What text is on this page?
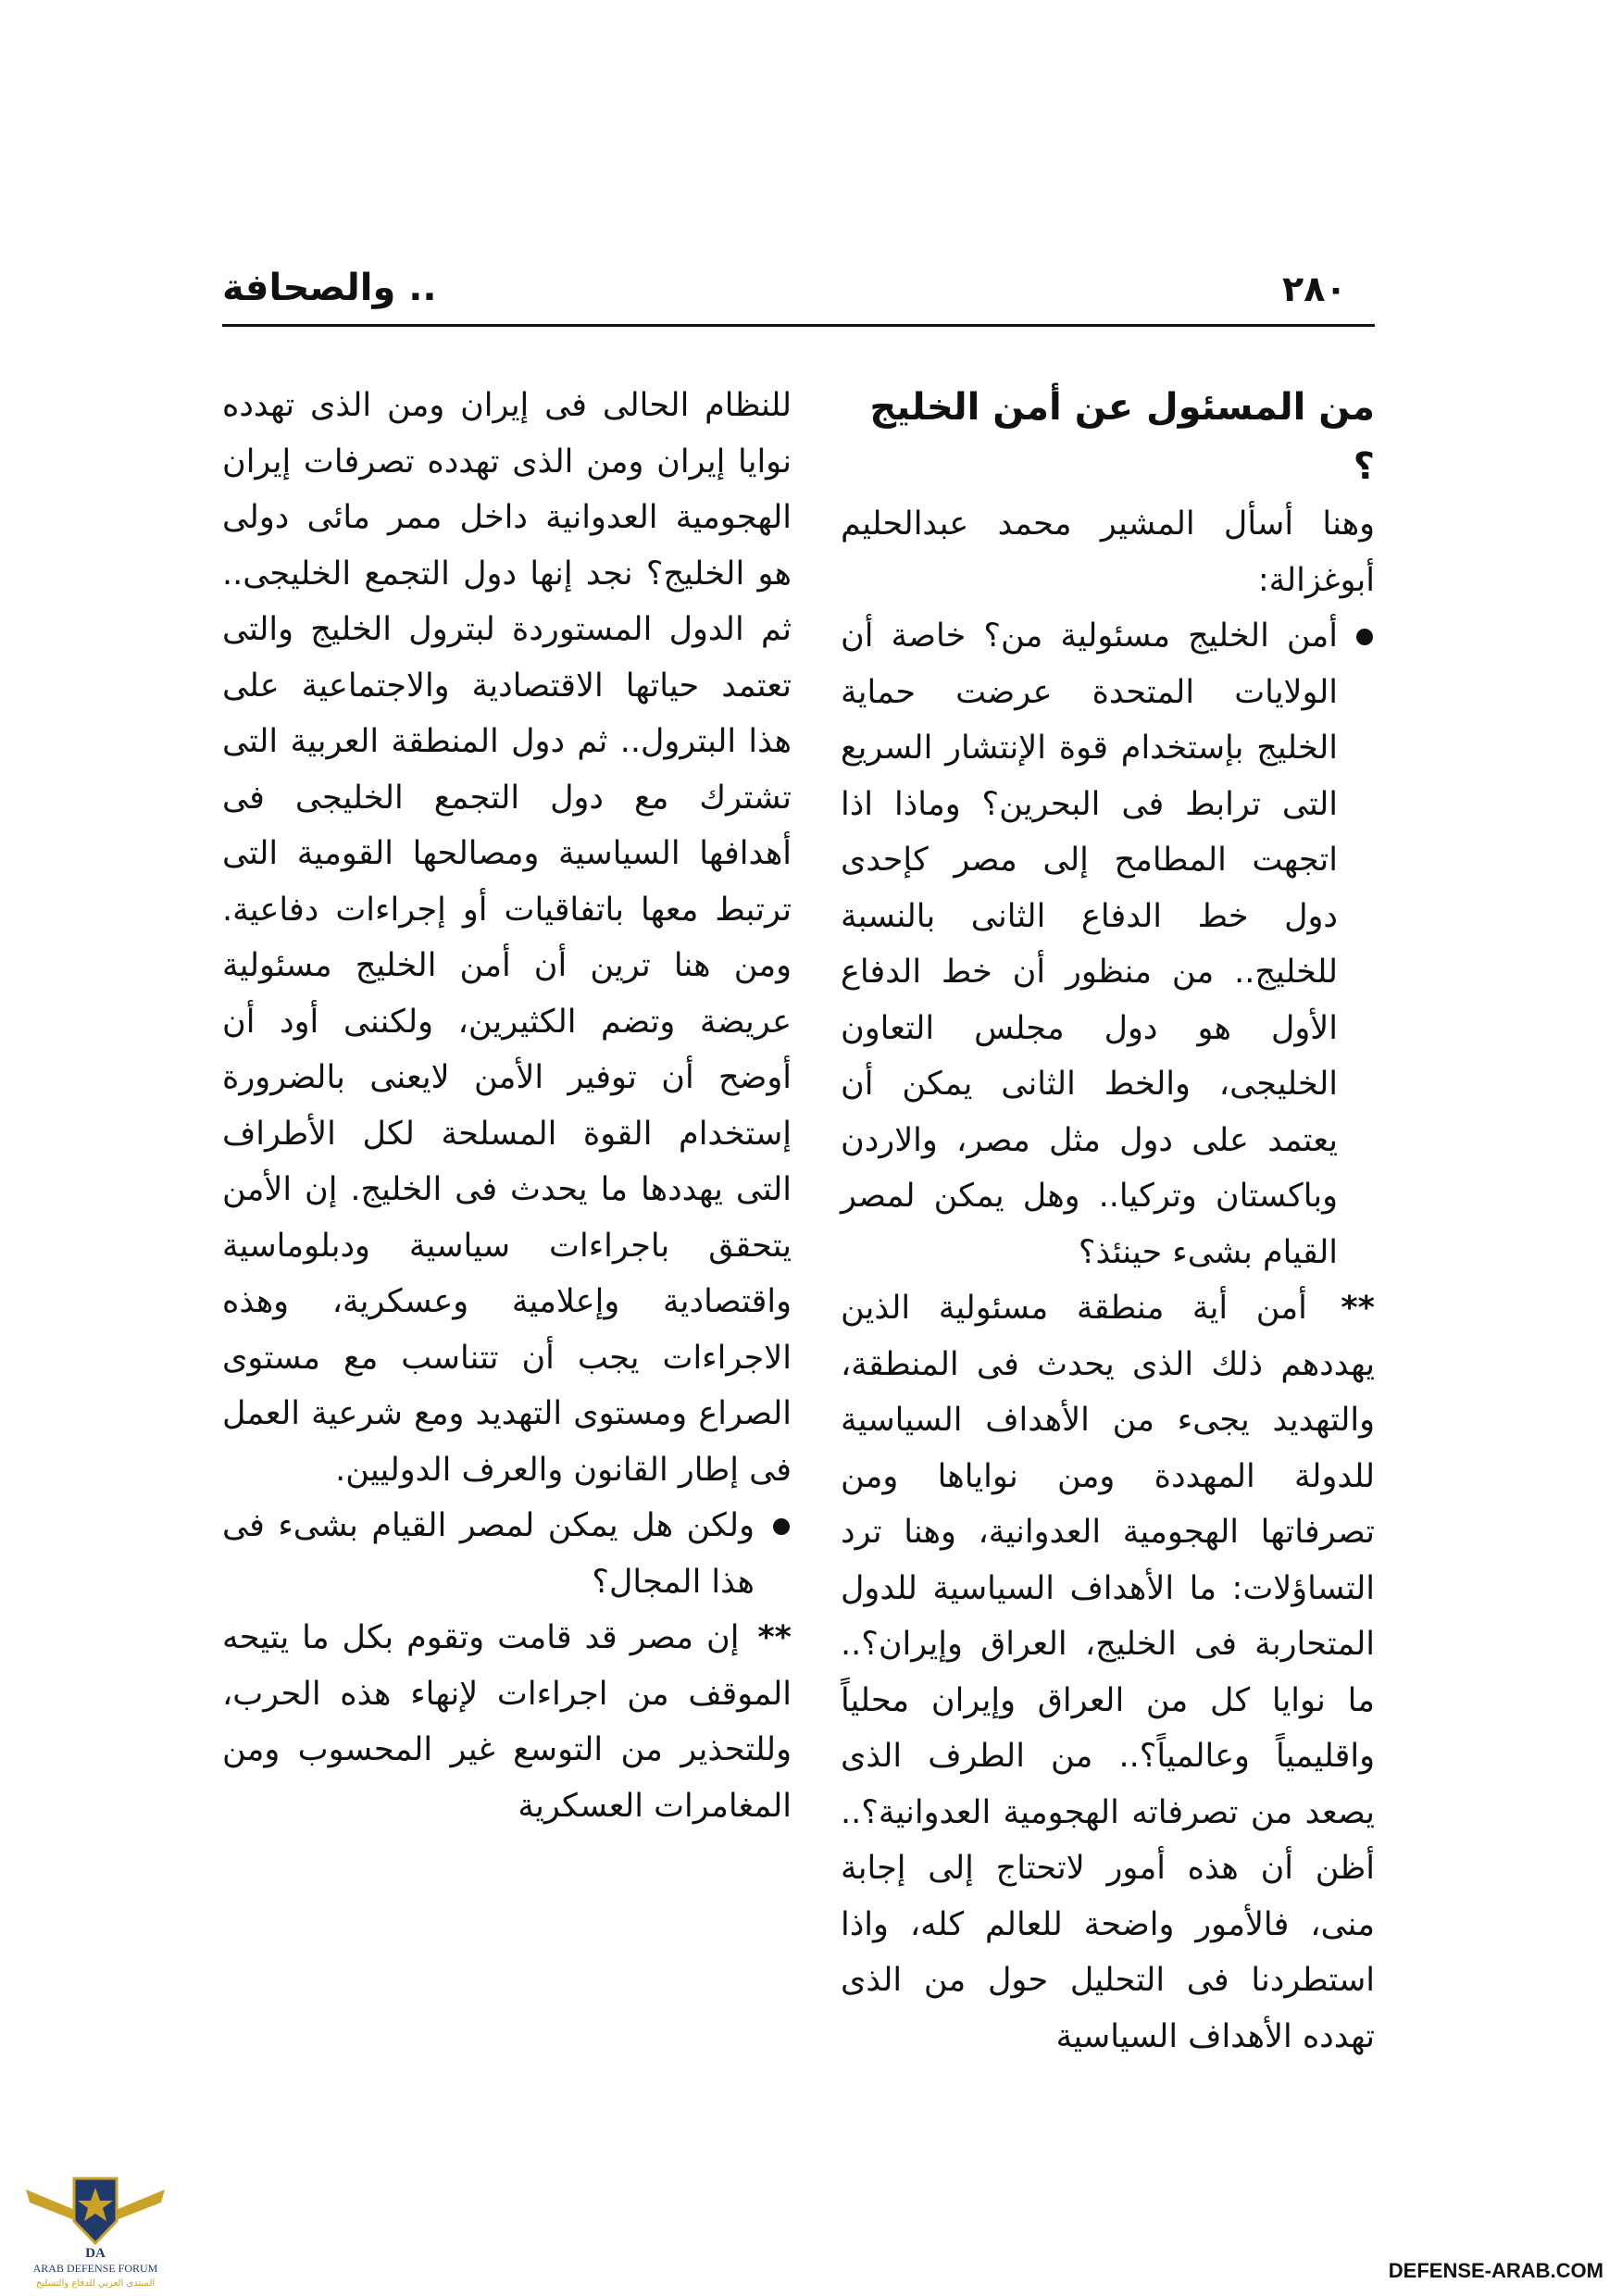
٢٨٠
.. والصحافة

من المسئول عن أمن الخليج ؟

وهنا أسأل المشير محمد عبدالحليم أبوغزالة:

أمن الخليج مسئولية من؟ خاصة أن الولايات المتحدة عرضت حماية الخليج بإستخدام قوة الإنتشار السريع التى ترابط فى البحرين؟ وماذا اذا اتجهت المطامح إلى مصر كإحدى دول خط الدفاع الثانى بالنسبة للخليج.. من منظور أن خط الدفاع الأول هو دول مجلس التعاون الخليجى، والخط الثانى يمكن أن يعتمد على دول مثل مصر، والاردن وباكستان وتركيا.. وهل يمكن لمصر القيام بشىء حينئذ؟

** أمن أية منطقة مسئولية الذين يهددهم ذلك الذى يحدث فى المنطقة، والتهديد يجىء من الأهداف السياسية للدولة المهددة ومن نواياها ومن تصرفاتها الهجومية العدوانية، وهنا ترد التساؤلات: ما الأهداف السياسية للدول المتحاربة فى الخليج، العراق وإيران؟.. ما نوايا كل من العراق وإيران محلياً واقليمياً وعالمياً؟.. من الطرف الذى يصعد من تصرفاته الهجومية العدوانية؟.. أظن أن هذه أمور لاتحتاج إلى إجابة منى، فالأمور واضحة للعالم كله، واذا استطردنا فى التحليل حول من الذى تهدده الأهداف السياسية

للنظام الحالى فى إيران ومن الذى تهدده نوايا إيران ومن الذى تهدده تصرفات إيران الهجومية العدوانية داخل ممر مائى دولى هو الخليج؟ نجد إنها دول التجمع الخليجى.. ثم الدول المستوردة لبترول الخليج والتى تعتمد حياتها الاقتصادية والاجتماعية على هذا البترول.. ثم دول المنطقة العربية التى تشترك مع دول التجمع الخليجى فى أهدافها السياسية ومصالحها القومية التى ترتبط معها باتفاقيات أو إجراءات دفاعية. ومن هنا ترين أن أمن الخليج مسئولية عريضة وتضم الكثيرين، ولكننى أود أن أوضح أن توفير الأمن لايعنى بالضرورة إستخدام القوة المسلحة لكل الأطراف التى يهددها ما يحدث فى الخليج. إن الأمن يتحقق باجراءات سياسية ودبلوماسية واقتصادية وإعلامية وعسكرية، وهذه الاجراءات يجب أن تتناسب مع مستوى الصراع ومستوى التهديد ومع شرعية العمل فى إطار القانون والعرف الدوليين.

ولكن هل يمكن لمصر القيام بشىء فى هذا المجال؟

** إن مصر قد قامت وتقوم بكل ما يتيحه الموقف من اجراءات لإنهاء هذه الحرب، وللتحذير من التوسع غير المحسوب ومن المغامرات العسكرية

DA
ARAB DEFENSE FORUM
المنتدى العربي للدفاع والتسليح
DEFENSE-ARAB.COM
